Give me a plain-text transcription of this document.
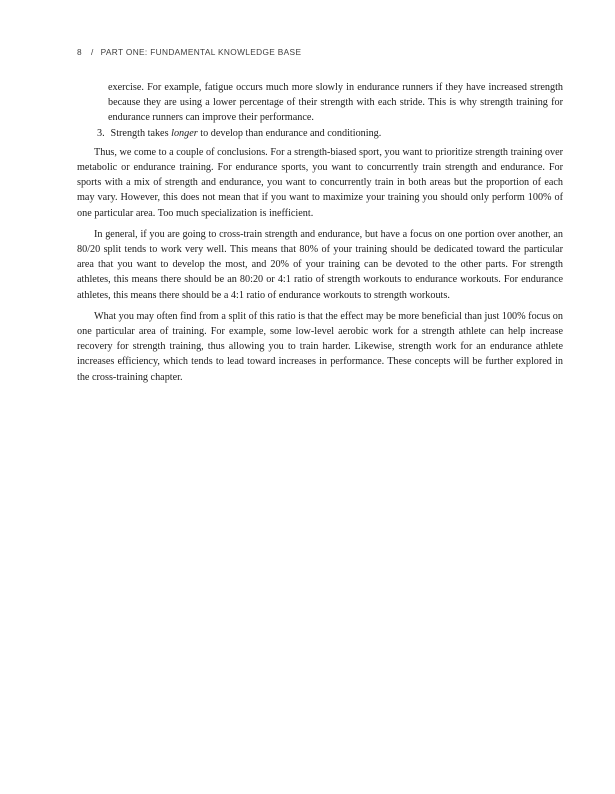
8 / PART ONE: FUNDAMENTAL KNOWLEDGE BASE

exercise. For example, fatigue occurs much more slowly in endurance runners if they have increased strength because they are using a lower percentage of their strength with each stride. This is why strength training for endurance runners can improve their performance.

3. Strength takes longer to develop than endurance and conditioning.

Thus, we come to a couple of conclusions. For a strength-biased sport, you want to prioritize strength training over metabolic or endurance training. For endurance sports, you want to concurrently train strength and endurance. For sports with a mix of strength and endurance, you want to concurrently train in both areas but the proportion of each may vary. However, this does not mean that if you want to maximize your training you should only perform 100% of one particular area. Too much specialization is inefficient.

In general, if you are going to cross-train strength and endurance, but have a focus on one portion over another, an 80/20 split tends to work very well. This means that 80% of your training should be dedicated toward the particular area that you want to develop the most, and 20% of your training can be devoted to the other parts. For strength athletes, this means there should be an 80:20 or 4:1 ratio of strength workouts to endurance workouts. For endurance athletes, this means there should be a 4:1 ratio of endurance workouts to strength workouts.

What you may often find from a split of this ratio is that the effect may be more beneficial than just 100% focus on one particular area of training. For example, some low-level aerobic work for a strength athlete can help increase recovery for strength training, thus allowing you to train harder. Likewise, strength work for an endurance athlete increases efficiency, which tends to lead toward increases in performance. These concepts will be further explored in the cross-training chapter.
